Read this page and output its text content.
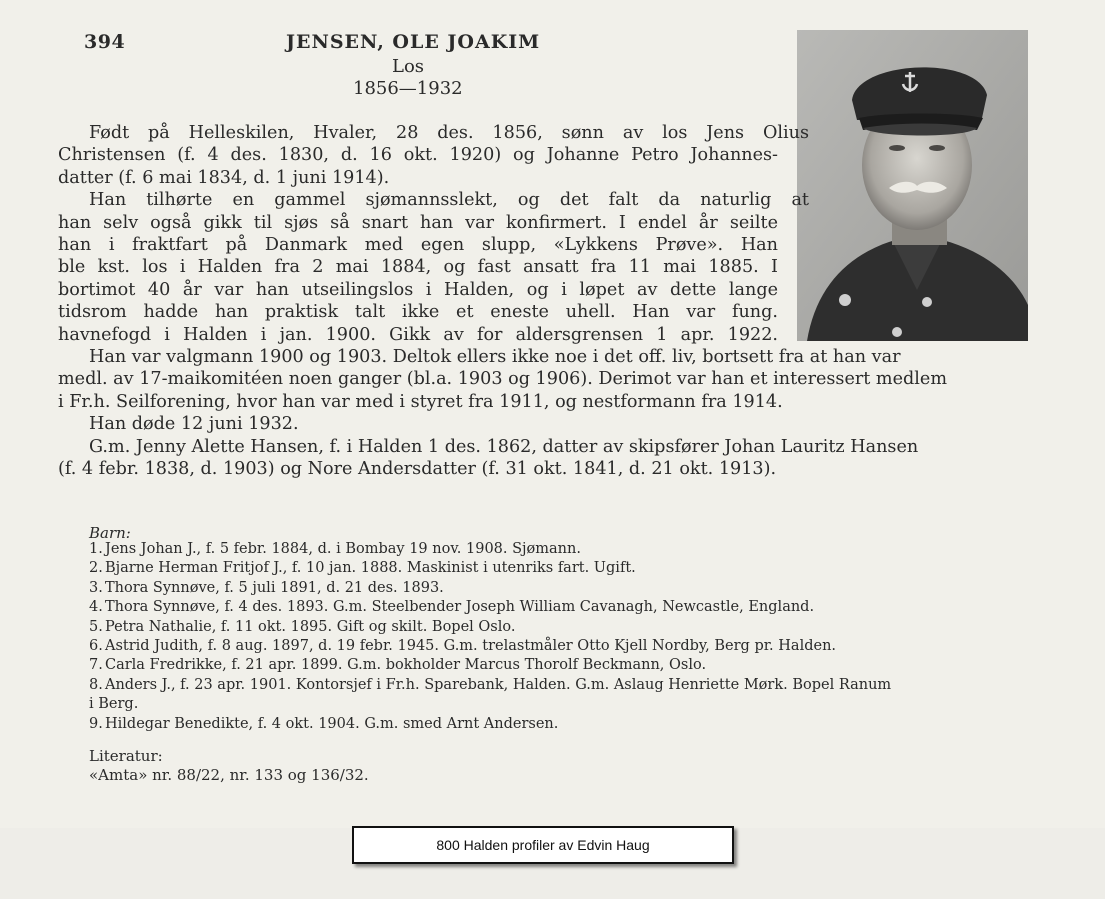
394	JENSEN, OLE JOAKIM
Los
1856—1932
Født på Helleskilen, Hvaler, 28 des. 1856, sønn av los Jens Olius
Christensen (f. 4 des. 1830, d. 16 okt. 1920) og Johanne Petro Johannes-
datter (f. 6 mai 1834, d. 1 juni 1914).
Han tilhørte en gammel sjømannsslekt, og det falt da naturlig at
han selv også gikk til sjøs så snart han var konfirmert. I endel år seilte
han i fraktfart på Danmark med egen slupp, «Lykkens Prøve». Han
ble kst. los i Halden fra 2 mai 1884, og fast ansatt fra 11 mai 1885. I
bortimot 40 år var han utseilingslos i Halden, og i løpet av dette lange
tidsrom hadde han praktisk talt ikke et eneste uhell. Han var fung.
havnefogd i Halden i jan. 1900. Gikk av for aldersgrensen 1 apr. 1922.
Han var valgmann 1900 og 1903. Deltok ellers ikke noe i det off. liv, bortsett fra at han var
medl. av 17-maikomitéen noen ganger (bl.a. 1903 og 1906). Derimot var han et interessert medlem
i Fr.h. Seilforening, hvor han var med i styret fra 1911, og nestformann fra 1914.
Han døde 12 juni 1932.
G.m. Jenny Alette Hansen, f. i Halden 1 des. 1862, datter av skipsfører Johan Lauritz Hansen
(f. 4 febr. 1838, d. 1903) og Nore Andersdatter (f. 31 okt. 1841, d. 21 okt. 1913).
Barn:
1. Jens Johan J., f. 5 febr. 1884, d. i Bombay 19 nov. 1908. Sjømann.
2. Bjarne Herman Fritjof J., f. 10 jan. 1888. Maskinist i utenriks fart. Ugift.
3. Thora Synnøve, f. 5 juli 1891, d. 21 des. 1893.
4. Thora Synnøve, f. 4 des. 1893. G.m. Steelbender Joseph William Cavanagh, Newcastle, England.
5. Petra Nathalie, f. 11 okt. 1895. Gift og skilt. Bopel Oslo.
6. Astrid Judith, f. 8 aug. 1897, d. 19 febr. 1945. G.m. trelastmåler Otto Kjell Nordby, Berg pr. Halden.
7. Carla Fredrikke, f. 21 apr. 1899. G.m. bokholder Marcus Thorolf Beckmann, Oslo.
8. Anders J., f. 23 apr. 1901. Kontorsjef i Fr.h. Sparebank, Halden. G.m. Aslaug Henriette Mørk. Bopel Ranum
i Berg.
9. Hildegar Benedikte, f. 4 okt. 1904. G.m. smed Arnt Andersen.
Literatur:
«Amta» nr. 88/22, nr. 133 og 136/32.
800 Halden profiler av Edvin Haug
